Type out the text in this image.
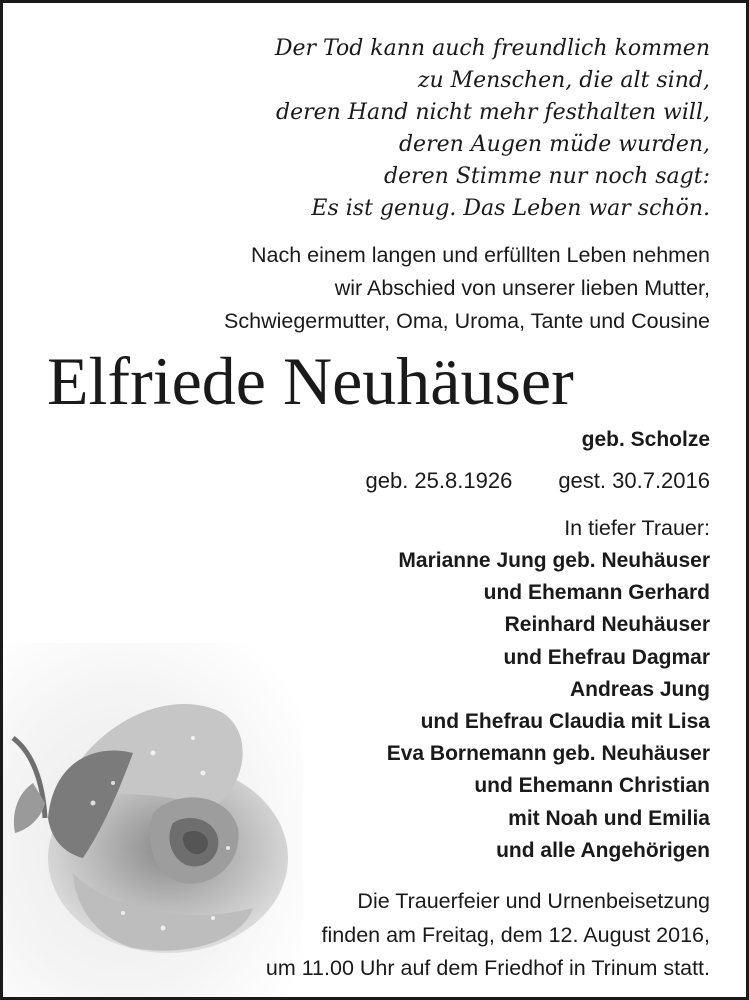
Der Tod kann auch freundlich kommen
zu Menschen, die alt sind,
deren Hand nicht mehr festhalten will,
deren Augen müde wurden,
deren Stimme nur noch sagt:
Es ist genug. Das Leben war schön.
Nach einem langen und erfüllten Leben nehmen
wir Abschied von unserer lieben Mutter,
Schwiegermutter, Oma, Uroma, Tante und Cousine
Elfriede Neuhäuser
geb. Scholze
geb. 25.8.1926 gest. 30.7.2016
In tiefer Trauer:
Marianne Jung geb. Neuhäuser
und Ehemann Gerhard
Reinhard Neuhäuser
und Ehefrau Dagmar
Andreas Jung
und Ehefrau Claudia mit Lisa
Eva Bornemann geb. Neuhäuser
und Ehemann Christian
mit Noah und Emilia
und alle Angehörigen
Die Trauerfeier und Urnenbeisetzung
finden am Freitag, dem 12. August 2016,
um 11.00 Uhr auf dem Friedhof in Trinum statt.
